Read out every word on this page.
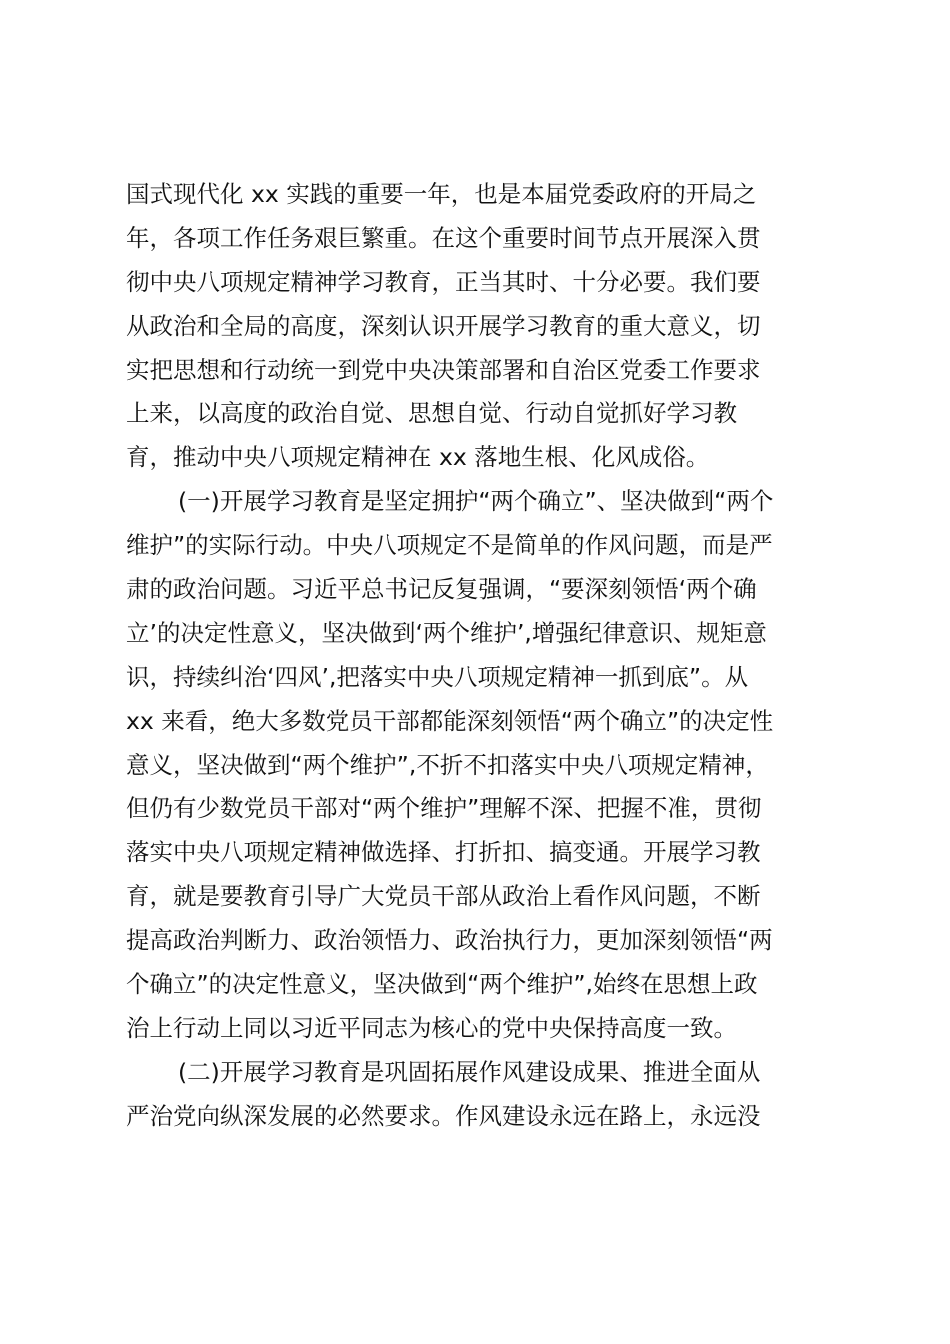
国式现代化 xx 实践的重要一年，也是本届党委政府的开局之
年，各项工作任务艰巨繁重。在这个重要时间节点开展深入贯
彻中央八项规定精神学习教育，正当其时、十分必要。我们要
从政治和全局的高度，深刻认识开展学习教育的重大意义，切
实把思想和行动统一到党中央决策部署和自治区党委工作要求
上来，以高度的政治自觉、思想自觉、行动自觉抓好学习教
育，推动中央八项规定精神在 xx 落地生根、化风成俗。
(一)开展学习教育是坚定拥护“两个确立”、坚决做到“两个
维护”的实际行动。中央八项规定不是简单的作风问题，而是严
肃的政治问题。习近平总书记反复强调，“要深刻领悟‘两个确
立’的决定性意义，坚决做到‘两个维护’,增强纪律意识、规矩意
识，持续纠治‘四风’,把落实中央八项规定精神一抓到底”。从
xx 来看，绝大多数党员干部都能深刻领悟“两个确立”的决定性
意义，坚决做到“两个维护”,不折不扣落实中央八项规定精神，
但仍有少数党员干部对“两个维护”理解不深、把握不准，贯彻
落实中央八项规定精神做选择、打折扣、搞变通。开展学习教
育，就是要教育引导广大党员干部从政治上看作风问题，不断
提高政治判断力、政治领悟力、政治执行力，更加深刻领悟“两
个确立”的决定性意义，坚决做到“两个维护”,始终在思想上政
治上行动上同以习近平同志为核心的党中央保持高度一致。
(二)开展学习教育是巩固拓展作风建设成果、推进全面从
严治党向纵深发展的必然要求。作风建设永远在路上，永远没
